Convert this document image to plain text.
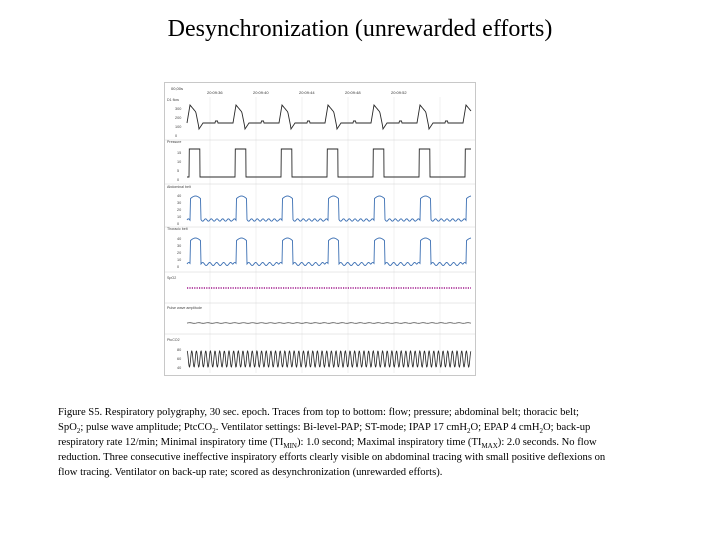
Desynchronization (unrewarded efforts)
00,00s
20:09:36	20:09:40	20:09:44	20:09:48	20:09:52
D1 flow
Pressure
Abdominal belt
Thoracic belt
SpO2
Pulse wave amplitude
PtcCO2
300
200
100
0
15
10
5
0
40
30
20
10
0
40
30
20
10
0
80
60
40
Figure S5. Respiratory polygraphy, 30 sec. epoch. Traces from top to bottom: flow; pressure; abdominal belt; thoracic belt;
SpO$_2$; pulse wave amplitude; PtcCO$_2$. Ventilator settings: Bi-level-PAP; ST-mode; IPAP 17 cmH$_2$O; EPAP 4 cmH$_2$O; back-up
respiratory rate 12/min; Minimal inspiratory time $(TI_{MIN})$: 1.0 second; Maximal inspiratory time $(TI_{MAX})$: 2.0 seconds. No flow
reduction. Three consecutive ineffective inspiratory efforts clearly visible on abdominal tracing with small positive deflexions on
flow tracing. Ventilator on back-up rate; scored as desynchronization (unrewarded efforts).
